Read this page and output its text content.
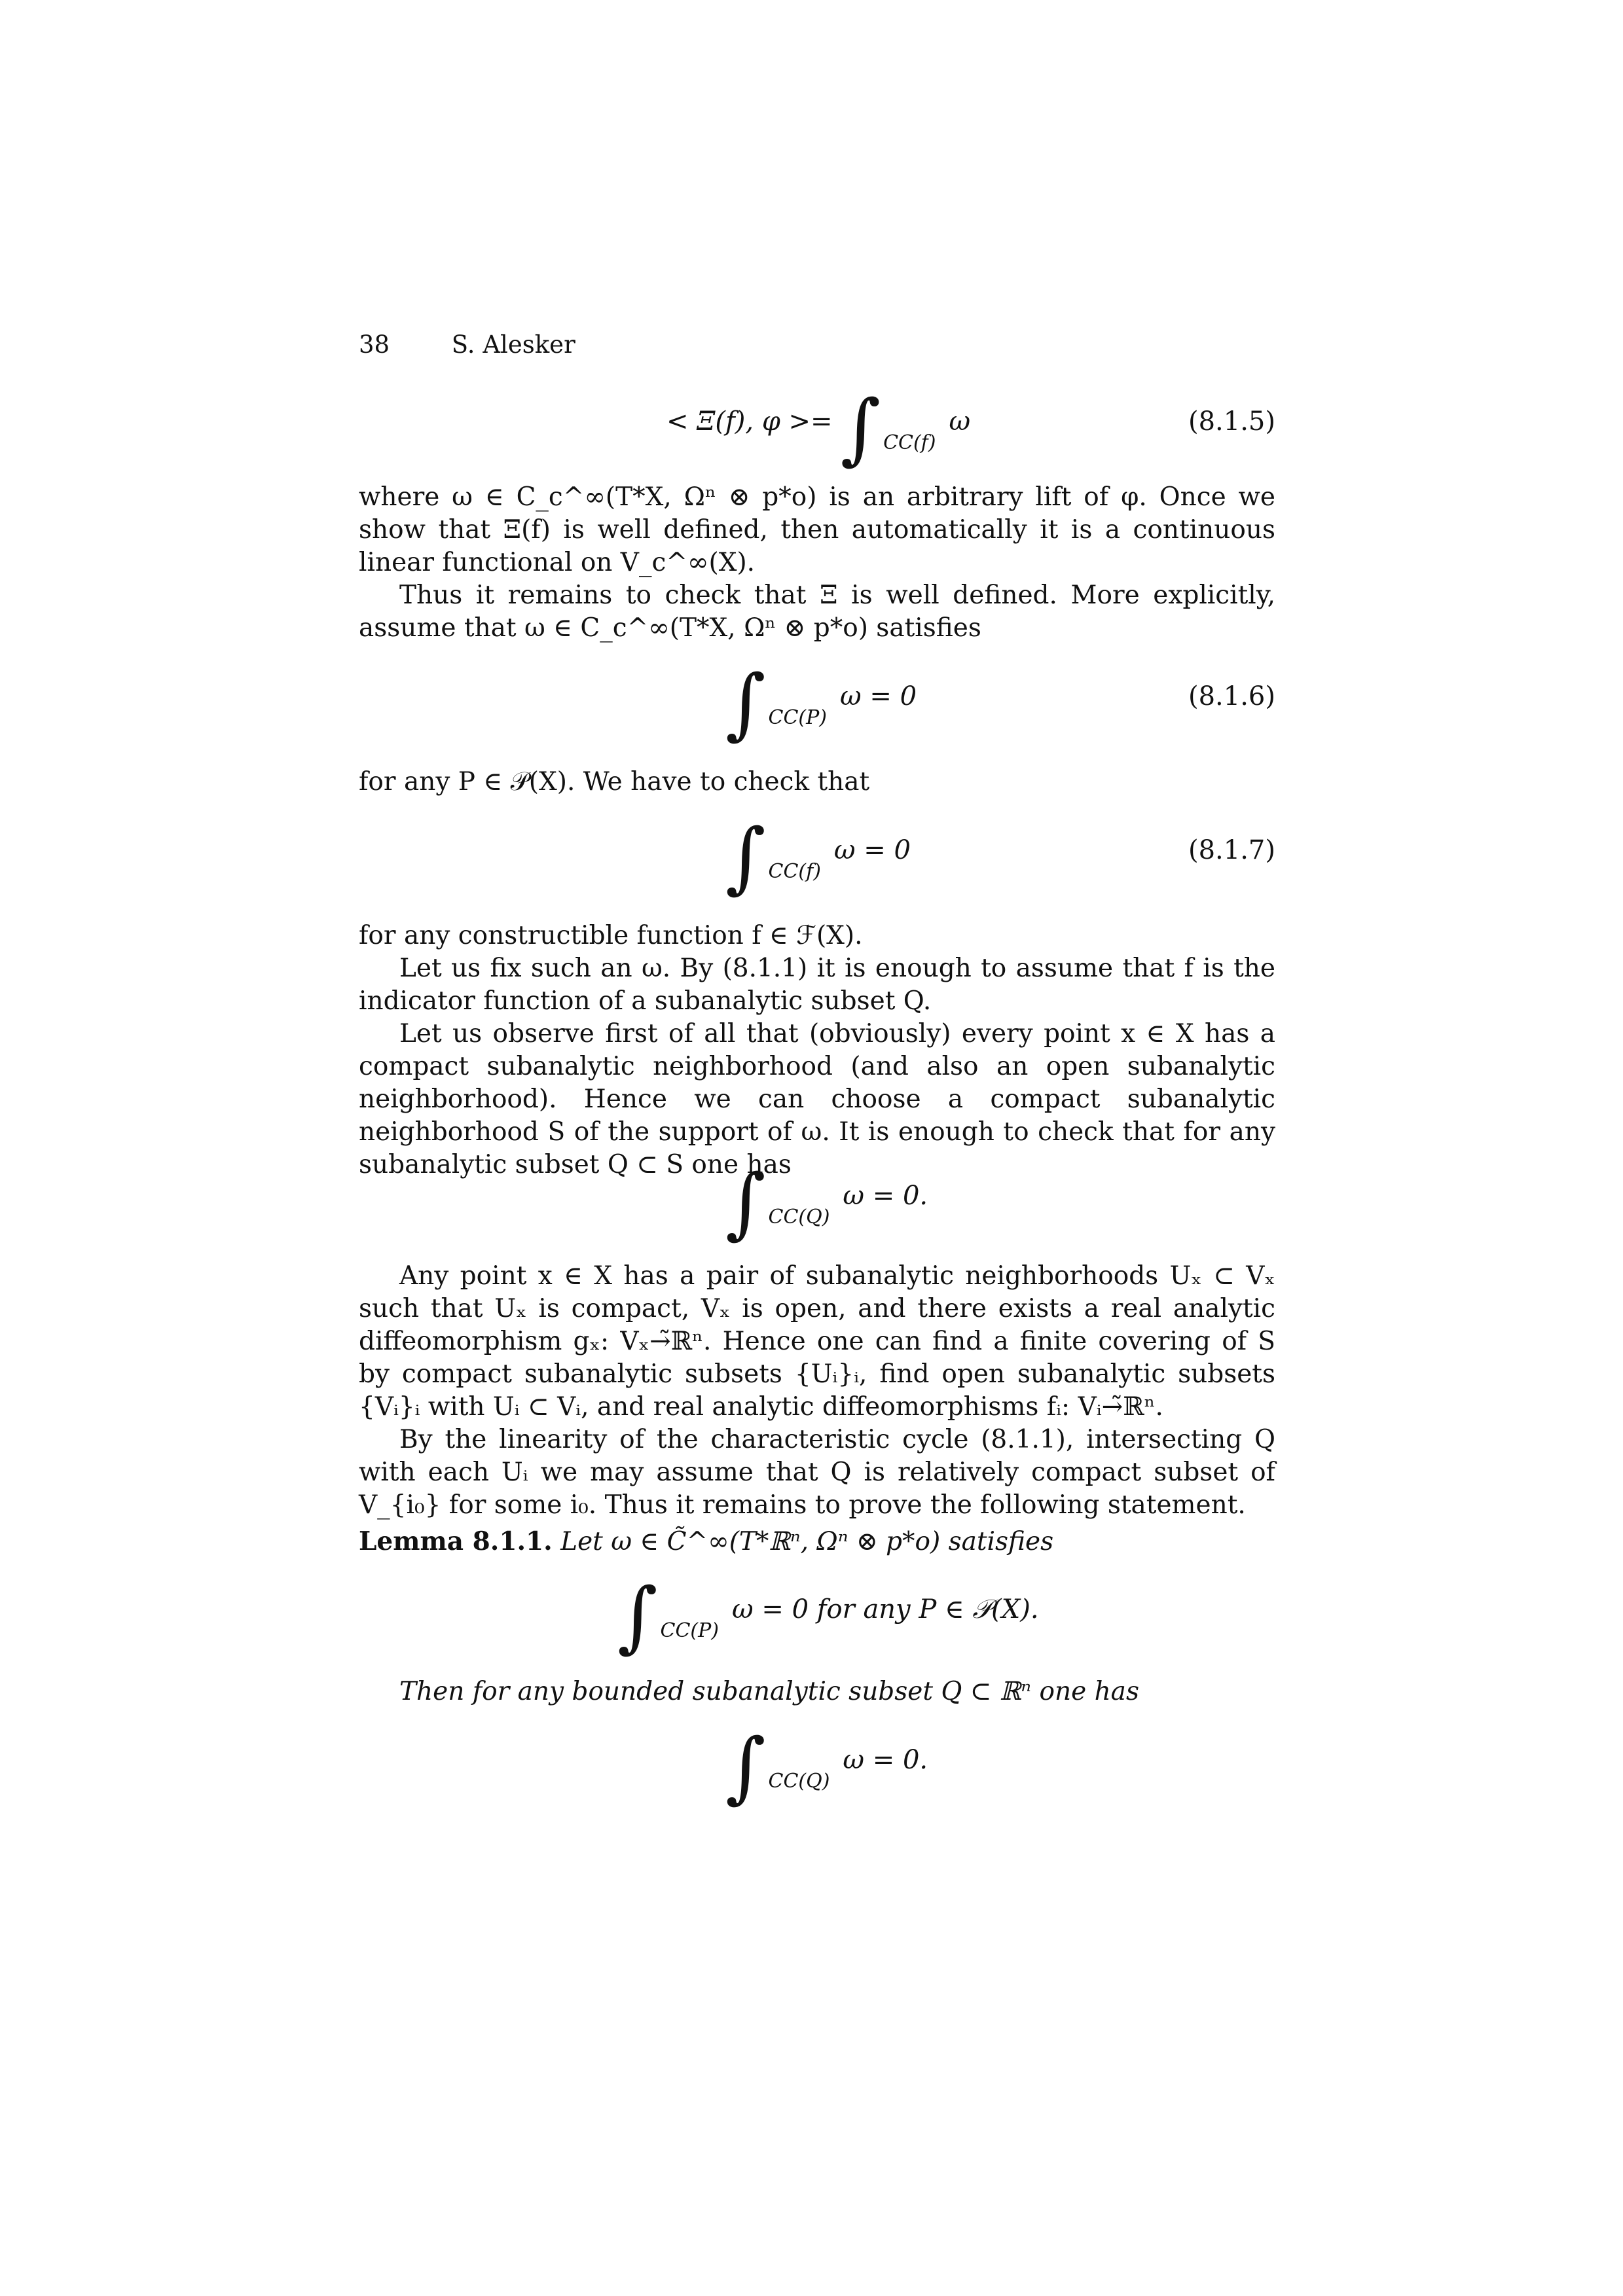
38	S. Alesker
< Ξ(f), φ >= ∫ CC(f)
ω	(8.1.5)

where ω ∈ C_c^∞(T*X, Ωⁿ ⊗ p*o) is an arbitrary lift of φ. Once we show that Ξ(f) is well defined, then automatically it is a continuous linear functional on V_c^∞(X).

Thus it remains to check that Ξ is well defined. More explicitly, assume that ω ∈ C_c^∞(T*X, Ωⁿ ⊗ p*o) satisfies

∫ CC(P)
ω = 0	(8.1.6)

for any P ∈ 𝒫(X). We have to check that

∫ CC(f)
ω = 0	(8.1.7)

for any constructible function f ∈ ℱ(X).

Let us fix such an ω. By (8.1.1) it is enough to assume that f is the indicator function of a subanalytic subset Q.

Let us observe first of all that (obviously) every point x ∈ X has a compact subanalytic neighborhood (and also an open subanalytic neighborhood). Hence we can choose a compact subanalytic neighborhood S of the support of ω. It is enough to check that for any subanalytic subset Q ⊂ S one has

∫ CC(Q)
ω = 0.

Any point x ∈ X has a pair of subanalytic neighborhoods Uₓ ⊂ Vₓ such that Uₓ is compact, Vₓ is open, and there exists a real analytic diffeomorphism gₓ: Vₓ→̃ℝⁿ. Hence one can find a finite covering of S by compact subanalytic subsets {Uᵢ}ᵢ, find open subanalytic subsets {Vᵢ}ᵢ with Uᵢ ⊂ Vᵢ, and real analytic diffeomorphisms fᵢ: Vᵢ→̃ℝⁿ.

By the linearity of the characteristic cycle (8.1.1), intersecting Q with each Uᵢ we may assume that Q is relatively compact subset of V_{i₀} for some i₀. Thus it remains to prove the following statement.

Lemma 8.1.1. Let ω ∈ C̃^∞(T*ℝⁿ, Ωⁿ ⊗ p*o) satisfies

∫ CC(P)
ω = 0 for any P ∈ 𝒫(X).

Then for any bounded subanalytic subset Q ⊂ ℝⁿ one has

∫ CC(Q)
ω = 0.
